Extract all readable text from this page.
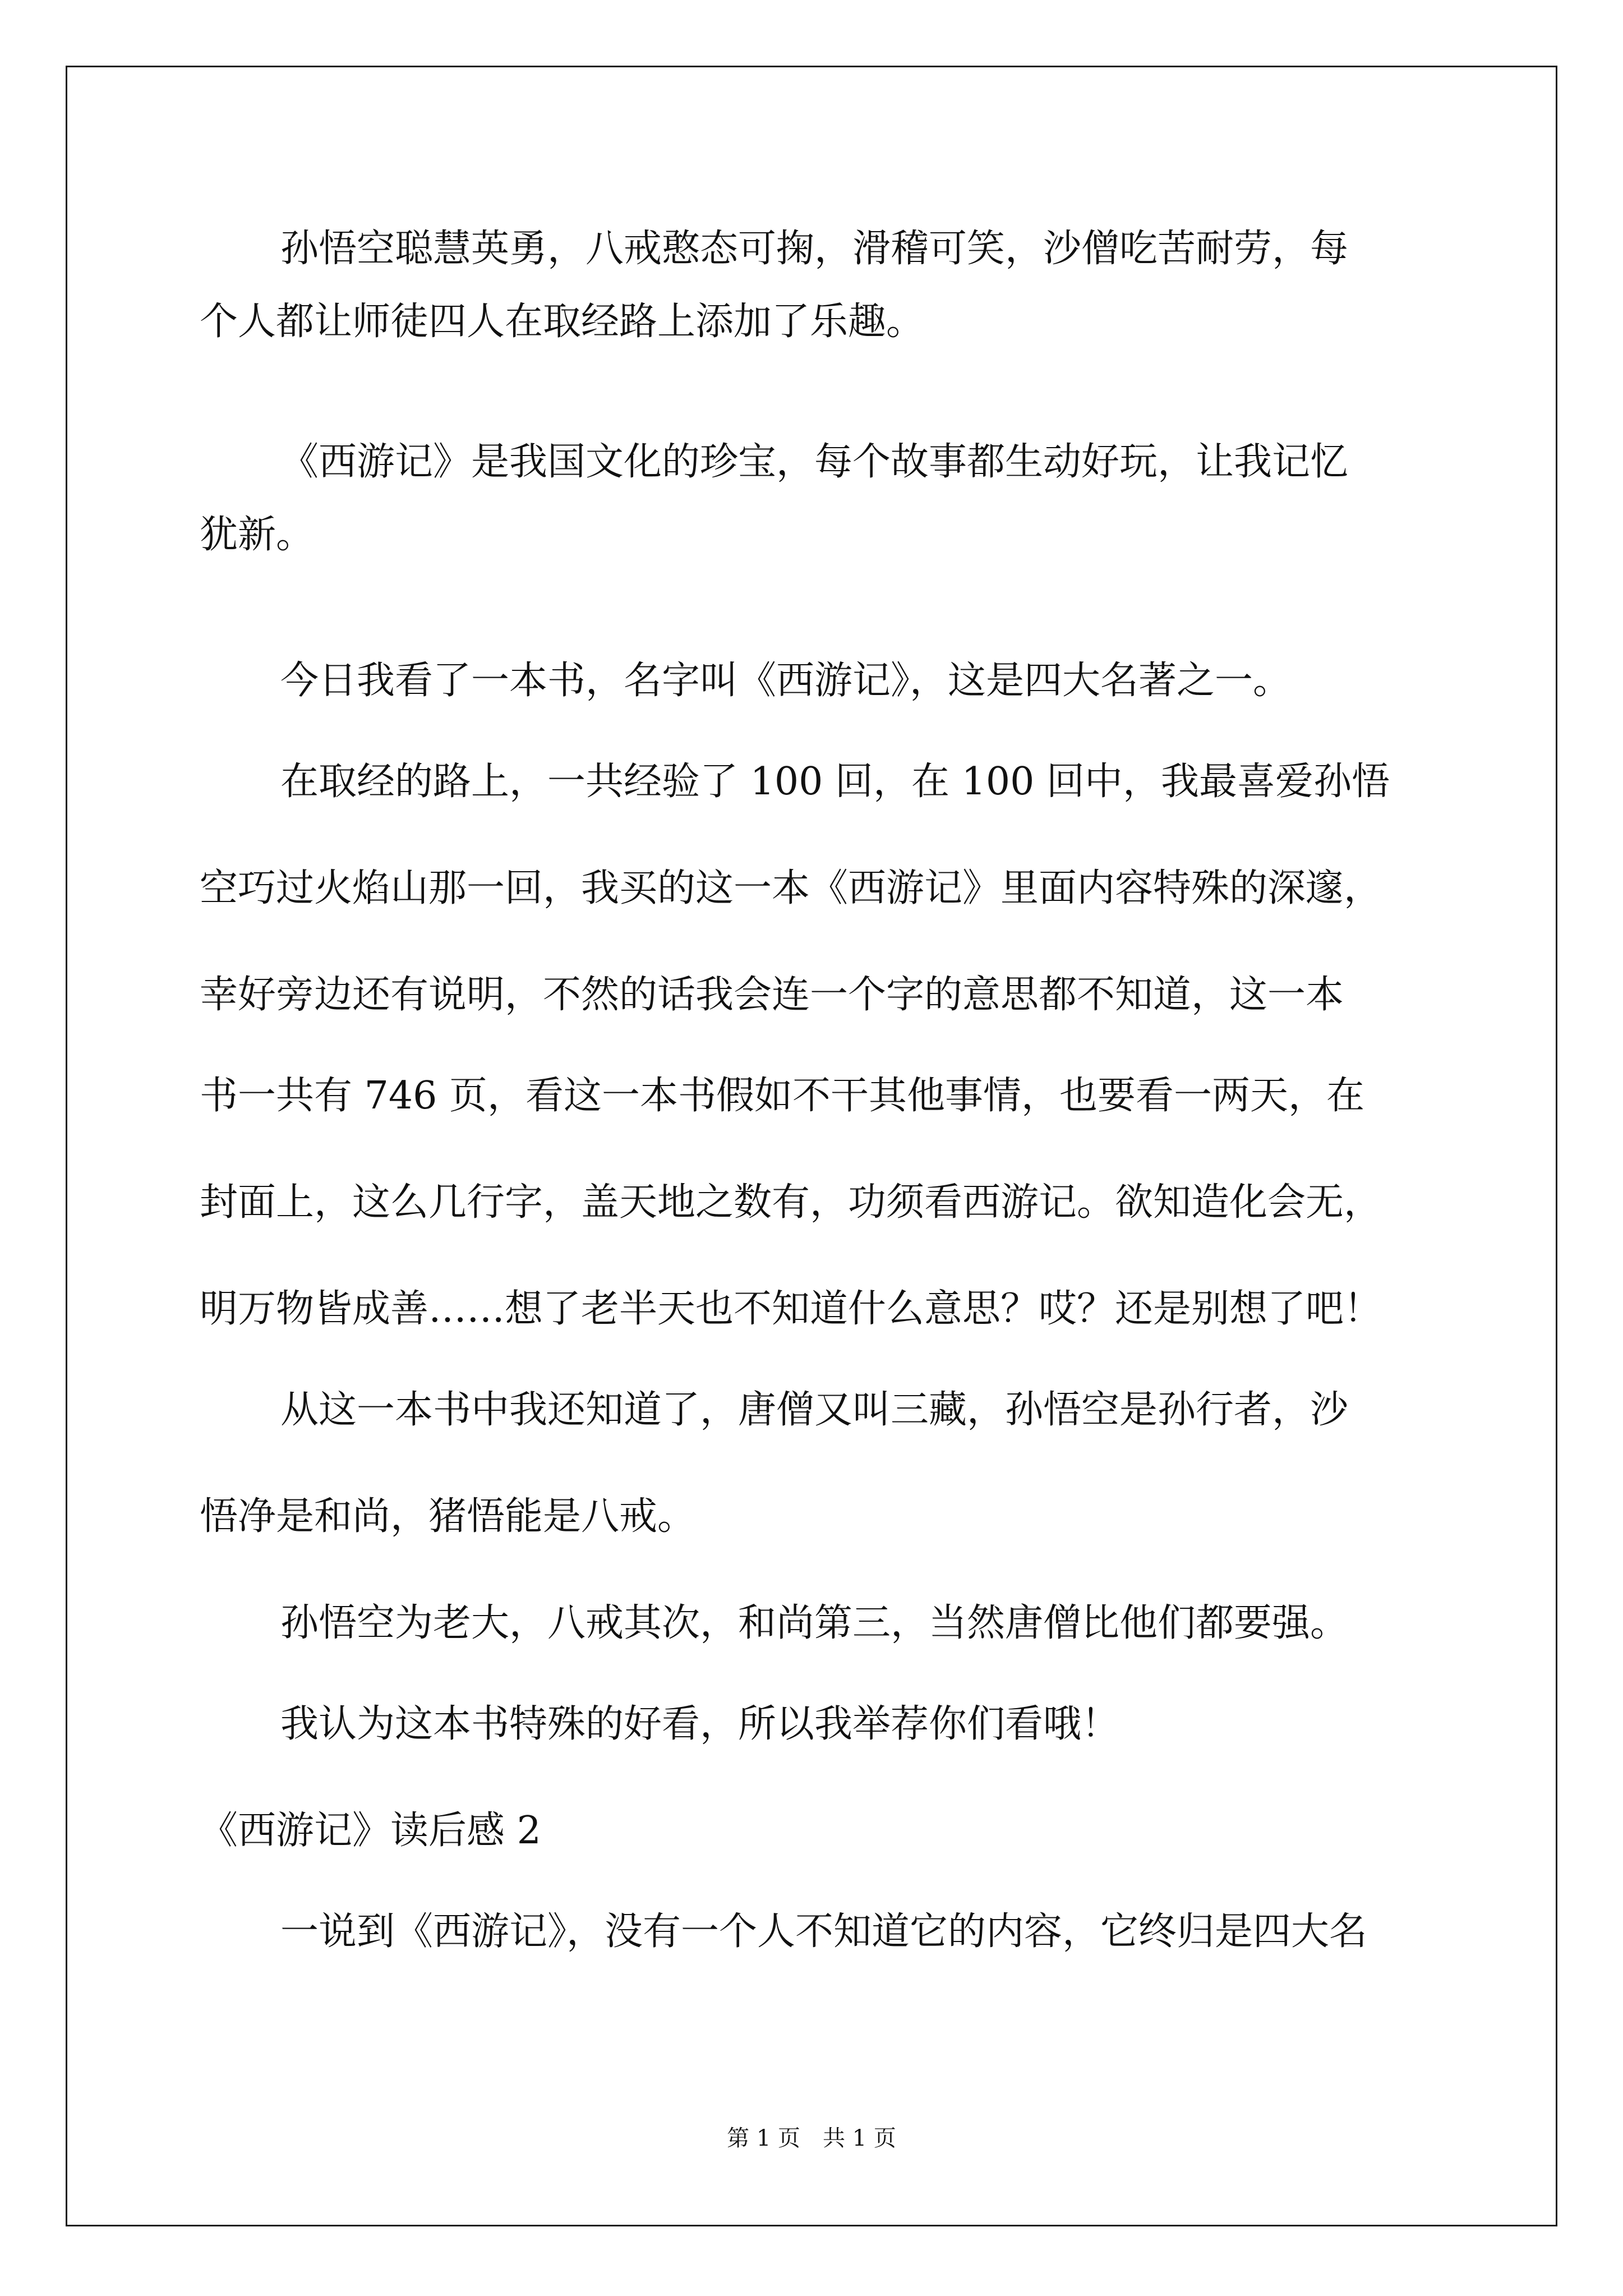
孙悟空聪慧英勇，八戒憨态可掬，滑稽可笑，沙僧吃苦耐劳，每
个人都让师徒四人在取经路上添加了乐趣。
《西游记》是我国文化的珍宝，每个故事都生动好玩，让我记忆
犹新。
今日我看了一本书，名字叫《西游记》，这是四大名著之一。
在取经的路上，一共经验了 100 回，在 100 回中，我最喜爱孙悟
空巧过火焰山那一回，我买的这一本《西游记》里面内容特殊的深邃，
幸好旁边还有说明，不然的话我会连一个字的意思都不知道，这一本
书一共有 746 页，看这一本书假如不干其他事情，也要看一两天，在
封面上，这么几行字，盖天地之数有，功须看西游记。欲知造化会无，
明万物皆成善……想了老半天也不知道什么意思？哎？还是别想了吧！
从这一本书中我还知道了，唐僧又叫三藏，孙悟空是孙行者，沙
悟净是和尚，猪悟能是八戒。
孙悟空为老大，八戒其次，和尚第三，当然唐僧比他们都要强。
我认为这本书特殊的好看，所以我举荐你们看哦！
《西游记》读后感 2
一说到《西游记》，没有一个人不知道它的内容，它终归是四大名
第 1 页　共 1 页
